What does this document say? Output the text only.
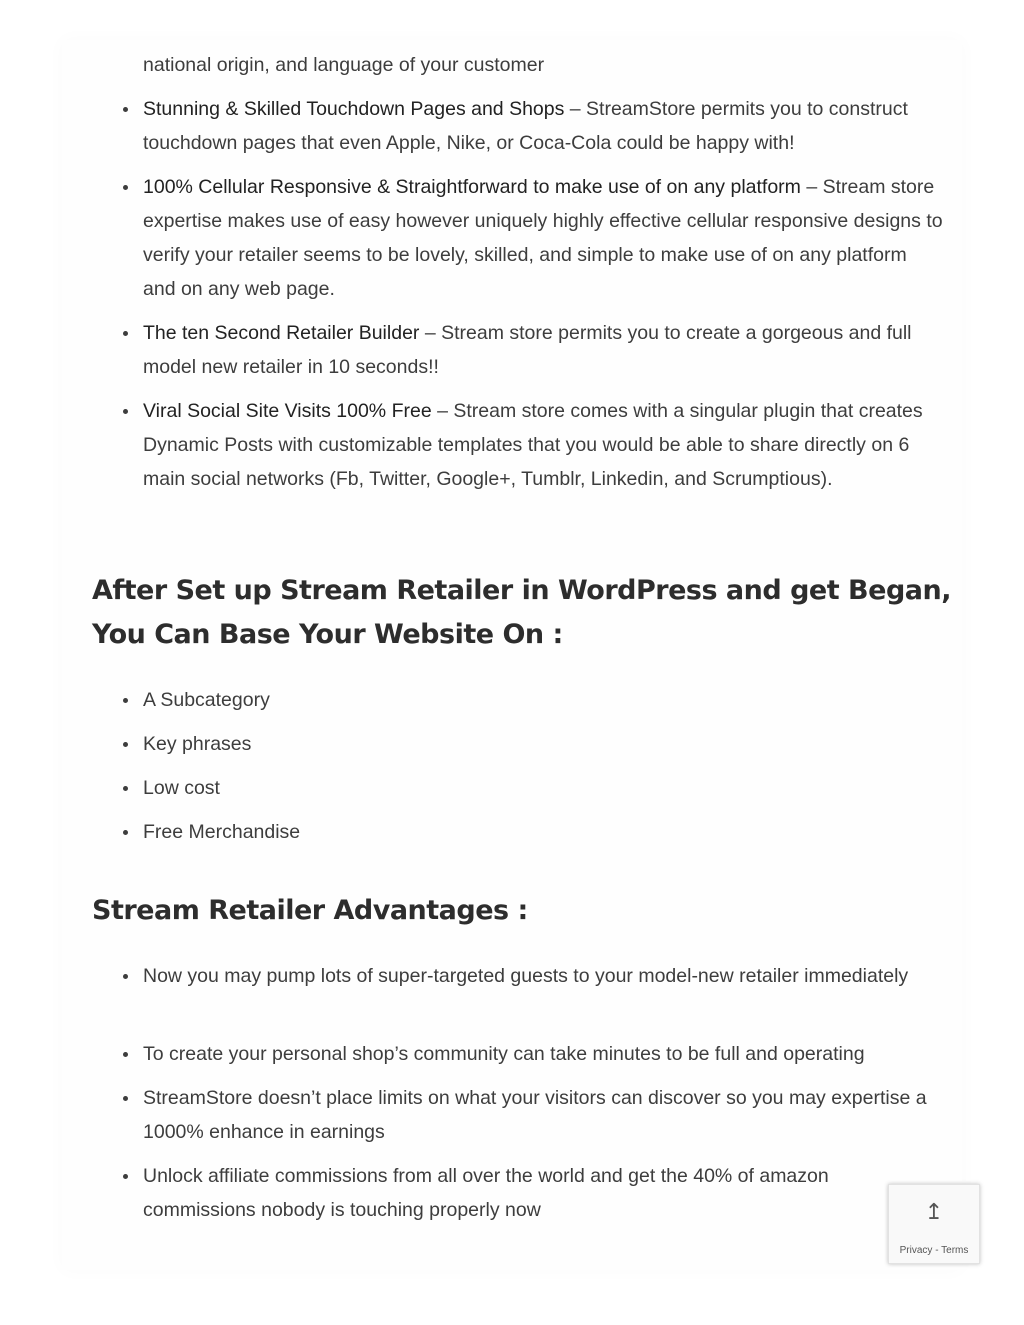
national origin, and language of your customer
Stunning & Skilled Touchdown Pages and Shops – StreamStore permits you to construct touchdown pages that even Apple, Nike, or Coca-Cola could be happy with!
100% Cellular Responsive & Straightforward to make use of on any platform – Stream store expertise makes use of easy however uniquely highly effective cellular responsive designs to verify your retailer seems to be lovely, skilled, and simple to make use of on any platform and on any web page.
The ten Second Retailer Builder – Stream store permits you to create a gorgeous and full model new retailer in 10 seconds!!
Viral Social Site Visits 100% Free – Stream store comes with a singular plugin that creates Dynamic Posts with customizable templates that you would be able to share directly on 6 main social networks (Fb, Twitter, Google+, Tumblr, Linkedin, and Scrumptious).
After Set up Stream Retailer in WordPress and get Began, You Can Base Your Website On :
A Subcategory
Key phrases
Low cost
Free Merchandise
Stream Retailer Advantages :
Now you may pump lots of super-targeted guests to your model-new retailer immediately
To create your personal shop’s community can take minutes to be full and operating
StreamStore doesn’t place limits on what your visitors can discover so you may expertise a 1000% enhance in earnings
Unlock affiliate commissions from all over the world and get the 40% of amazon commissions nobody is touching properly now	↥
Privacy - Terms
